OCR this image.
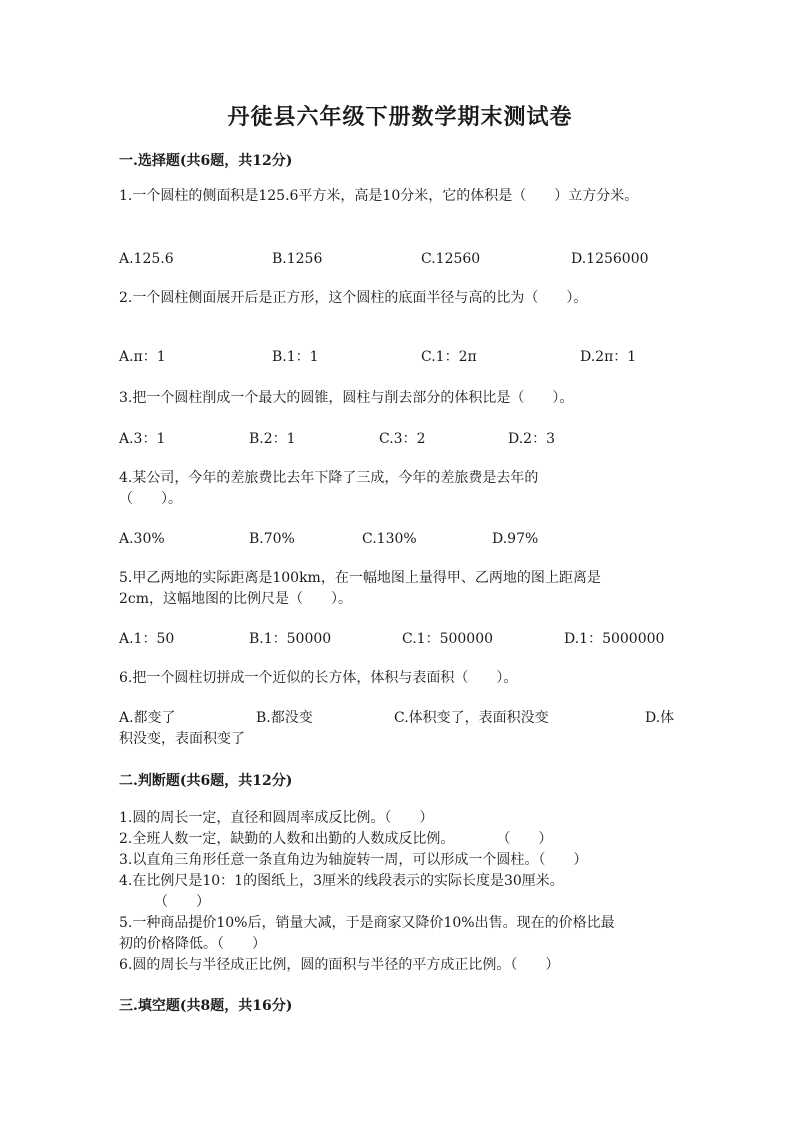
丹徒县六年级下册数学期末测试卷

一.选择题(共6题，共12分)

1.一个圆柱的侧面积是125.6平方米，高是10分米，它的体积是（　　）立方分米。

A.125.6	B.1256	C.12560	D.1256000

2.一个圆柱侧面展开后是正方形，这个圆柱的底面半径与高的比为（　　）。

A.π：1	B.1：1	C.1：2π	D.2π：1

3.把一个圆柱削成一个最大的圆锥，圆柱与削去部分的体积比是（　　）。

A.3：1	B.2：1	C.3：2	D.2：3

4.某公司，今年的差旅费比去年下降了三成，今年的差旅费是去年的

（　　）。

A.30%	B.70%	C.130%	D.97%

5.甲乙两地的实际距离是100km，在一幅地图上量得甲、乙两地的图上距离是

2cm，这幅地图的比例尺是（　　）。

A.1：50	B.1：50000	C.1：500000	D.1：5000000

6.把一个圆柱切拼成一个近似的长方体，体积与表面积（　　）。

A.都变了	B.都没变	C.体积变了，表面积没变	D.体
积没变，表面积变了

二.判断题(共6题，共12分)

1.圆的周长一定，直径和圆周率成反比例。（　　）

2.全班人数一定，缺勤的人数和出勤的人数成反比例。　　　　（　　）

3.以直角三角形任意一条直角边为轴旋转一周，可以形成一个圆柱。（　　）

4.在比例尺是10：1的图纸上，3厘米的线段表示的实际长度是30厘米。

　　　（　　）

5.一种商品提价10%后，销量大减，于是商家又降价10%出售。现在的价格比最

初的价格降低。（　　）

6.圆的周长与半径成正比例，圆的面积与半径的平方成正比例。（　　）

三.填空题(共8题，共16分)
